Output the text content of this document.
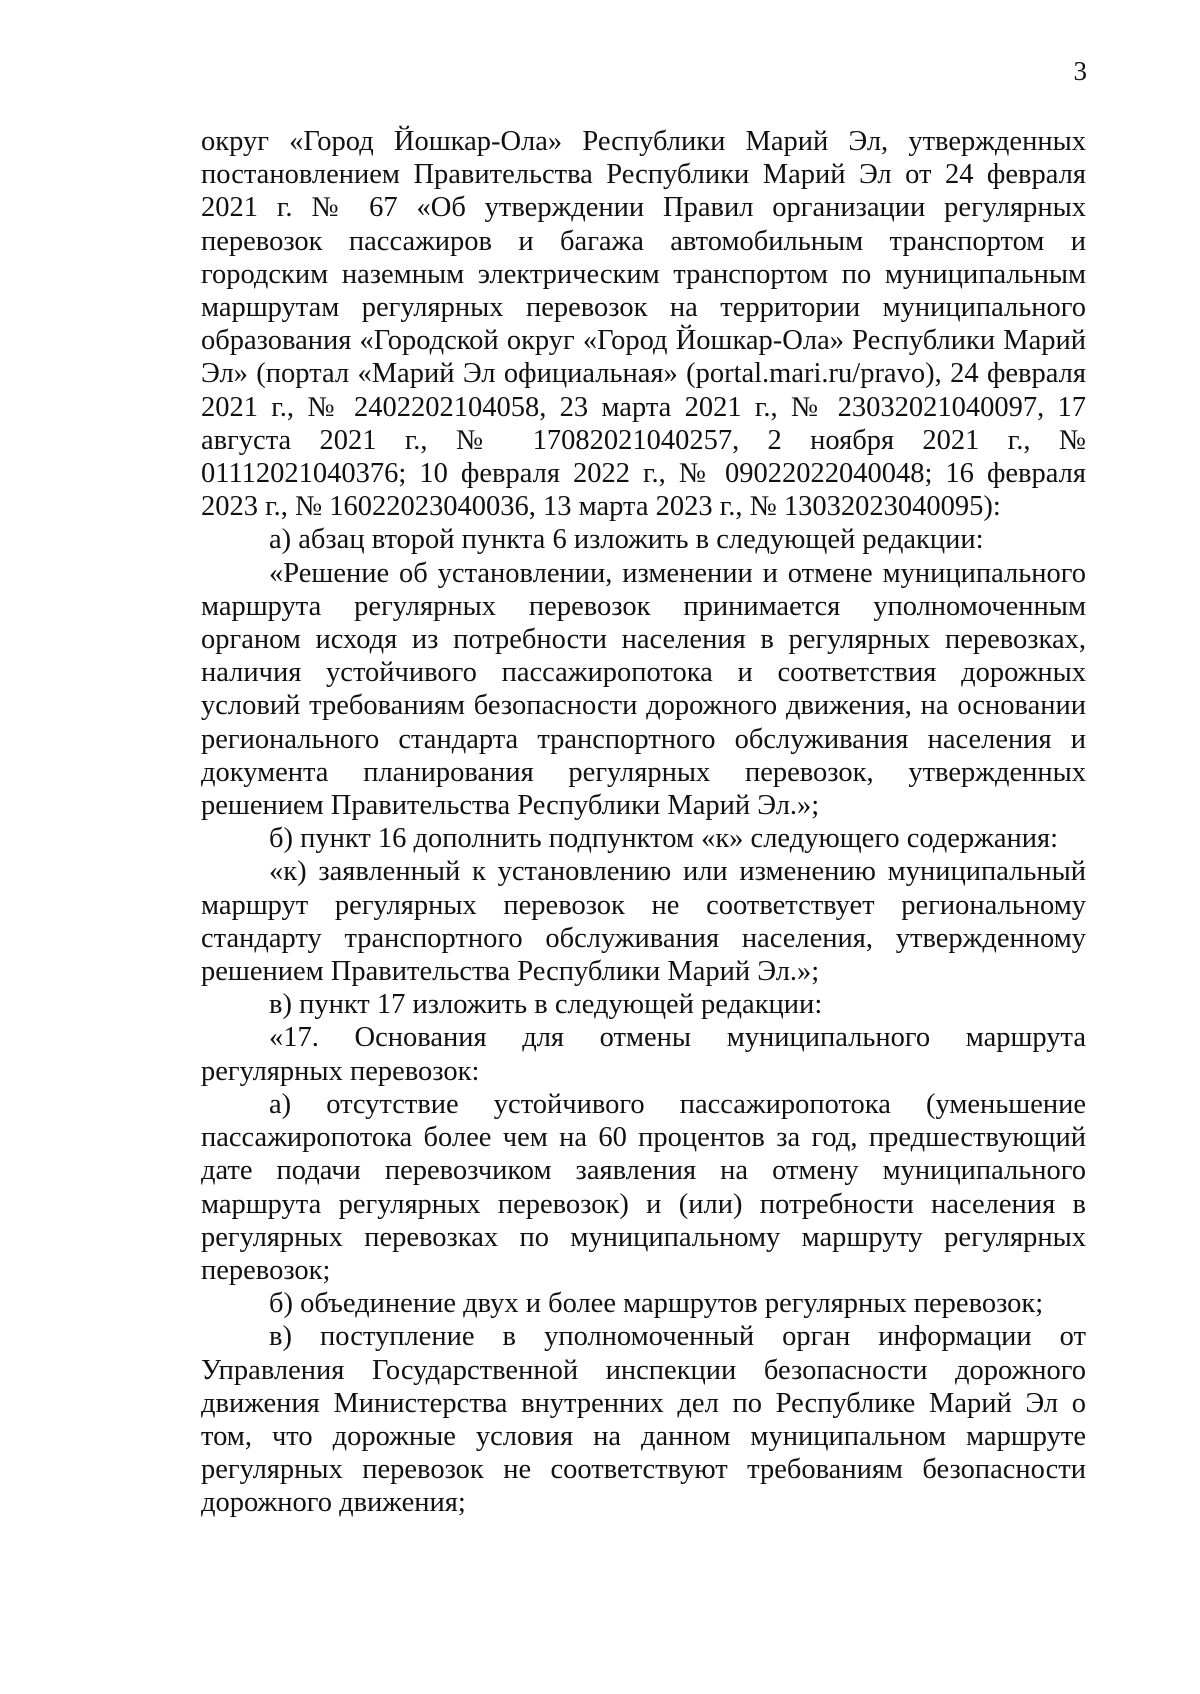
3

округ «Город Йошкар-Ола» Республики Марий Эл, утвержденных постановлением Правительства Республики Марий Эл от 24 февраля 2021 г. № 67 «Об утверждении Правил организации регулярных перевозок пассажиров и багажа автомобильным транспортом и городским наземным электрическим транспортом по муниципальным маршрутам регулярных перевозок на территории муниципального образования «Городской округ «Город Йошкар-Ола» Республики Марий Эл» (портал «Марий Эл официальная» (portal.mari.ru/pravo), 24 февраля 2021 г., № 2402202104058, 23 марта 2021 г., № 23032021040097, 17 августа 2021 г., № 17082021040257, 2 ноября 2021 г., № 01112021040376; 10 февраля 2022 г., № 09022022040048; 16 февраля 2023 г., № 16022023040036, 13 марта 2023 г., № 13032023040095):

а) абзац второй пункта 6 изложить в следующей редакции:

«Решение об установлении, изменении и отмене муниципального маршрута регулярных перевозок принимается уполномоченным органом исходя из потребности населения в регулярных перевозках, наличия устойчивого пассажиропотока и соответствия дорожных условий требованиям безопасности дорожного движения, на основании регионального стандарта транспортного обслуживания населения и документа планирования регулярных перевозок, утвержденных решением Правительства Республики Марий Эл.»;

б) пункт 16 дополнить подпунктом «к» следующего содержания:

«к) заявленный к установлению или изменению муниципальный маршрут регулярных перевозок не соответствует региональному стандарту транспортного обслуживания населения, утвержденному решением Правительства Республики Марий Эл.»;

в) пункт 17 изложить в следующей редакции:

«17. Основания для отмены муниципального маршрута регулярных перевозок:

а) отсутствие устойчивого пассажиропотока (уменьшение пассажиропотока более чем на 60 процентов за год, предшествующий дате подачи перевозчиком заявления на отмену муниципального маршрута регулярных перевозок) и (или) потребности населения в регулярных перевозках по муниципальному маршруту регулярных перевозок;

б) объединение двух и более маршрутов регулярных перевозок;

в) поступление в уполномоченный орган информации от Управления Государственной инспекции безопасности дорожного движения Министерства внутренних дел по Республике Марий Эл о том, что дорожные условия на данном муниципальном маршруте регулярных перевозок не соответствуют требованиям безопасности дорожного движения;
